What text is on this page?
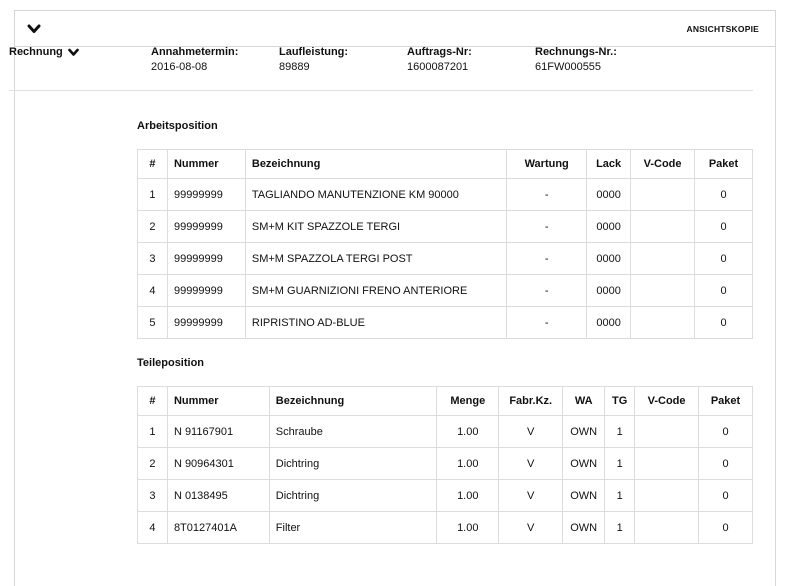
ANSICHTSKOPIE
Rechnung	Annahmetermin:
2016-08-08
Laufleistung:
89889
Auftrags-Nr:
1600087201
Rechnungs-Nr.:
61FW000555
Arbeitsposition
#	Nummer	Bezeichnung	Wartung	Lack	V-Code	Paket
1	99999999	TAGLIANDO MANUTENZIONE KM 90000	-	0000		0
2	99999999	SM+M KIT SPAZZOLE TERGI	-	0000		0
3	99999999	SM+M SPAZZOLA TERGI POST	-	0000		0
4	99999999	SM+M GUARNIZIONI FRENO ANTERIORE	-	0000		0
5	99999999	RIPRISTINO AD-BLUE	-	0000		0
Teileposition
#	Nummer	Bezeichnung	Menge	Fabr.Kz.	WA	TG	V-Code	Paket
1	N 91167901	Schraube	1.00	V	OWN	1		0
2	N 90964301	Dichtring	1.00	V	OWN	1		0
3	N 0138495	Dichtring	1.00	V	OWN	1		0
4	8T0127401A	Filter	1.00	V	OWN	1		0
